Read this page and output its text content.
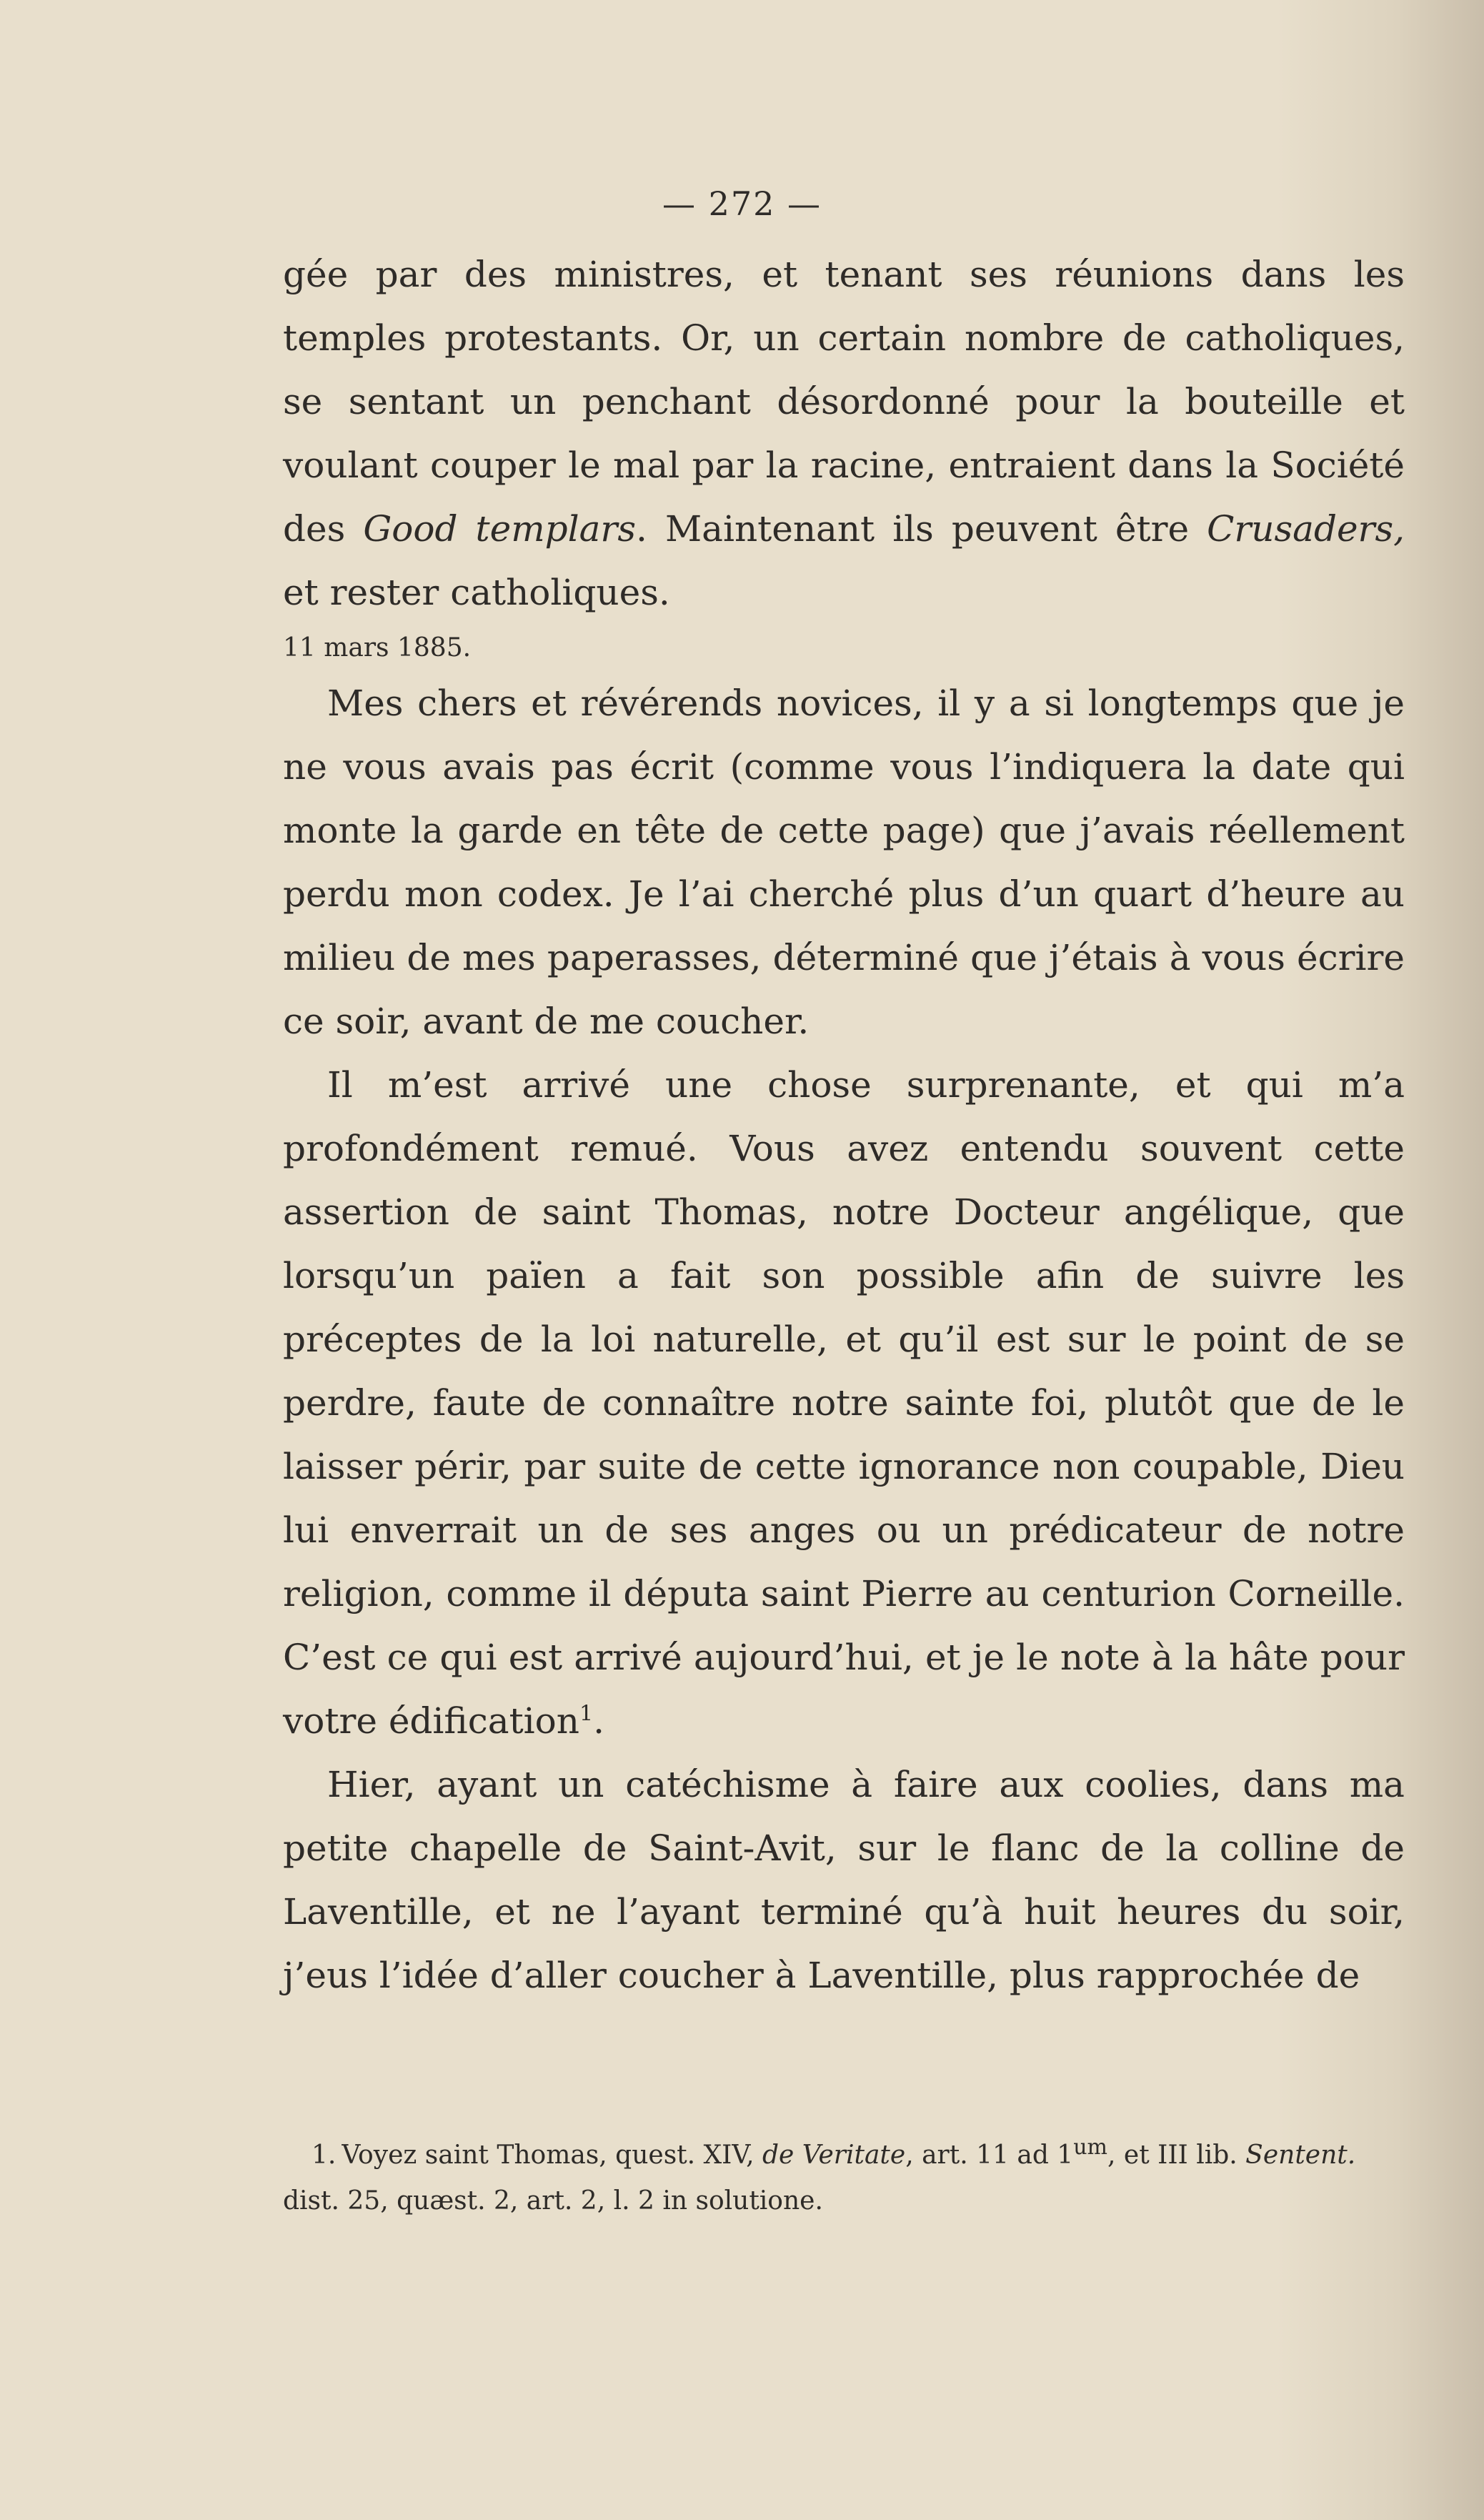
— 272 —

gée par des ministres, et tenant ses réunions dans les temples protestants. Or, un certain nombre de catholiques, se sentant un penchant désordonné pour la bouteille et voulant couper le mal par la racine, entraient dans la Société des Good templars. Maintenant ils peuvent être Crusaders, et rester catholiques.

11 mars 1885.

Mes chers et révérends novices, il y a si longtemps que je ne vous avais pas écrit (comme vous l’indiquera la date qui monte la garde en tête de cette page) que j’avais réellement perdu mon codex. Je l’ai cherché plus d’un quart d’heure au milieu de mes paperasses, déterminé que j’étais à vous écrire ce soir, avant de me coucher.

Il m’est arrivé une chose surprenante, et qui m’a profondément remué. Vous avez entendu souvent cette assertion de saint Thomas, notre Docteur angélique, que lorsqu’un païen a fait son possible afin de suivre les préceptes de la loi naturelle, et qu’il est sur le point de se perdre, faute de connaître notre sainte foi, plutôt que de le laisser périr, par suite de cette ignorance non coupable, Dieu lui enverrait un de ses anges ou un prédicateur de notre religion, comme il députa saint Pierre au centurion Corneille. C’est ce qui est arrivé aujourd’hui, et je le note à la hâte pour votre édification$^1$.

Hier, ayant un catéchisme à faire aux coolies, dans ma petite chapelle de Saint-Avit, sur le flanc de la colline de Laventille, et ne l’ayant terminé qu’à huit heures du soir, j’eus l’idée d’aller coucher à Laventille, plus rapprochée de

1. Voyez saint Thomas, quest. XIV, de Veritate, art. 11 ad $1^{um}$, et III lib. Sentent. dist. 25, quæst. 2, art. 2, l. 2 in solutione.
